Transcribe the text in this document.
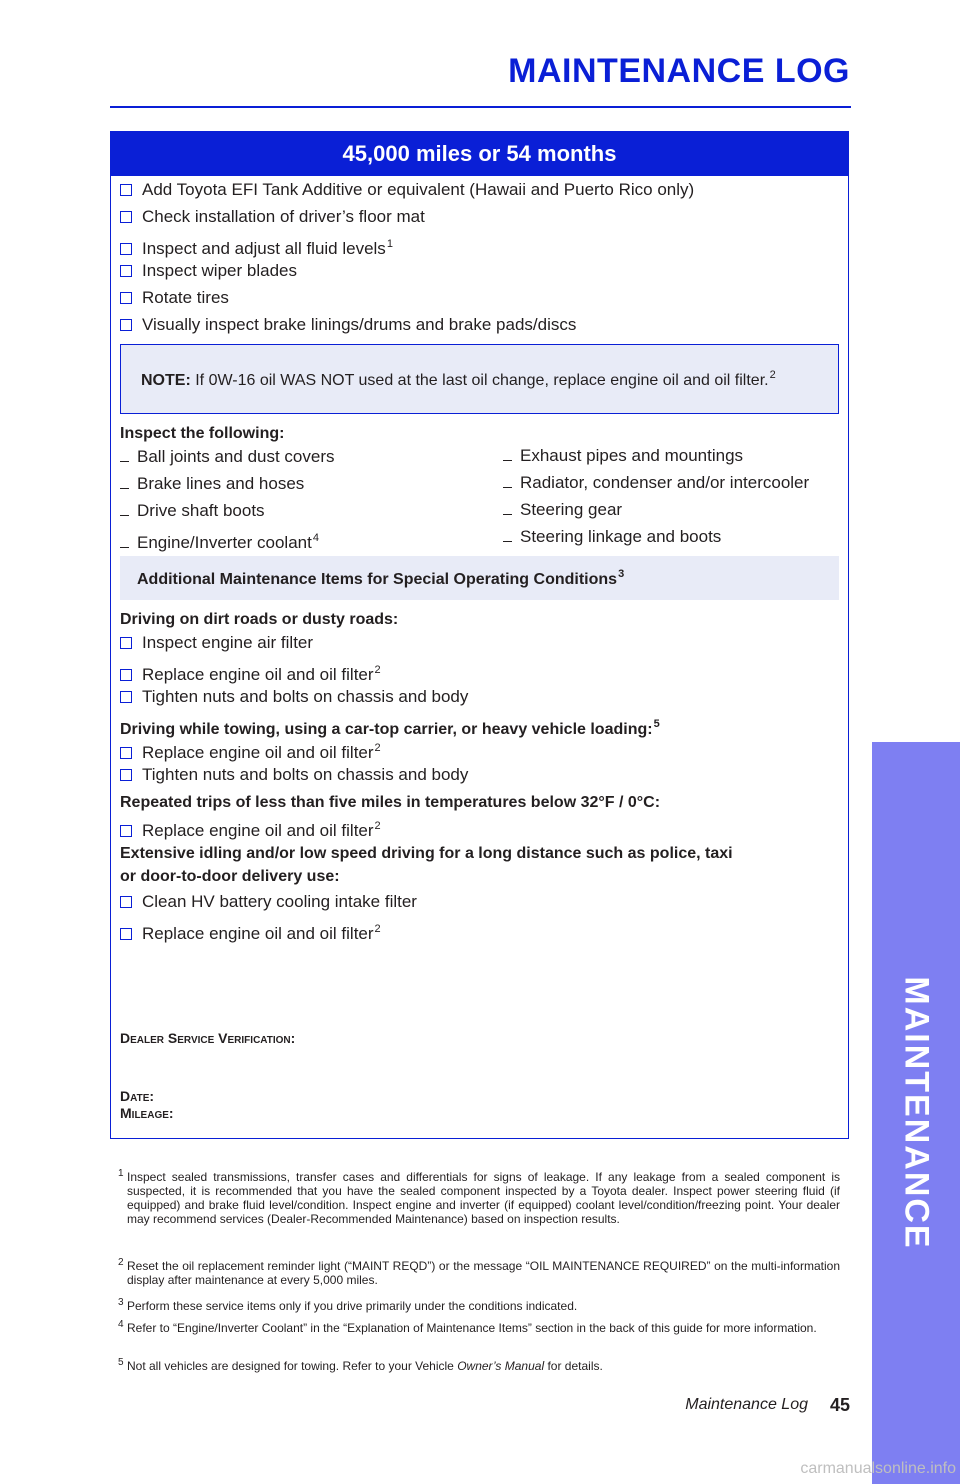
MAINTENANCE LOG
45,000 miles or 54 months
Add Toyota EFI Tank Additive or equivalent (Hawaii and Puerto Rico only)
Check installation of driver’s floor mat
Inspect and adjust all fluid levels$^1$
Inspect wiper blades
Rotate tires
Visually inspect brake linings/drums and brake pads/discs
NOTE: If 0W-16 oil WAS NOT used at the last oil change, replace engine oil and oil filter.$^2$
Inspect the following:
Ball joints and dust covers
Brake lines and hoses
Drive shaft boots
Engine/Inverter coolant$^4$
Exhaust pipes and mountings
Radiator, condenser and/or intercooler
Steering gear
Steering linkage and boots
Additional Maintenance Items for Special Operating Conditions$^3$
Driving on dirt roads or dusty roads:
Inspect engine air filter
Replace engine oil and oil filter$^2$
Tighten nuts and bolts on chassis and body
Driving while towing, using a car-top carrier, or heavy vehicle loading:$^5$
Replace engine oil and oil filter$^2$
Tighten nuts and bolts on chassis and body
Repeated trips of less than five miles in temperatures below 32°F / 0°C:
Replace engine oil and oil filter$^2$
Extensive idling and/or low speed driving for a long distance such as police, taxi
or door-to-door delivery use:
Clean HV battery cooling intake filter
Replace engine oil and oil filter$^2$
Dealer Service Verification:
Date:
Mileage:
1 Inspect sealed transmissions, transfer cases and differentials for signs of leakage. If any leakage from a sealed component is suspected, it is recommended that you have the sealed component inspected by a Toyota dealer. Inspect power steering fluid (if equipped) and brake fluid level/condition. Inspect engine and inverter (if equipped) coolant level/condition/freezing point. Your dealer may recommend services (Dealer-Recommended Maintenance) based on inspection results.
2 Reset the oil replacement reminder light (“MAINT REQD”) or the message “OIL MAINTENANCE REQUIRED” on the multi-information display after maintenance at every 5,000 miles.
3 Perform these service items only if you drive primarily under the conditions indicated.
4 Refer to “Engine/Inverter Coolant” in the “Explanation of Maintenance Items” section in the back of this guide for more information.
5 Not all vehicles are designed for towing. Refer to your Vehicle Owner’s Manual for details.
Maintenance Log 45
MAINTENANCE
carmanualsonline.info
